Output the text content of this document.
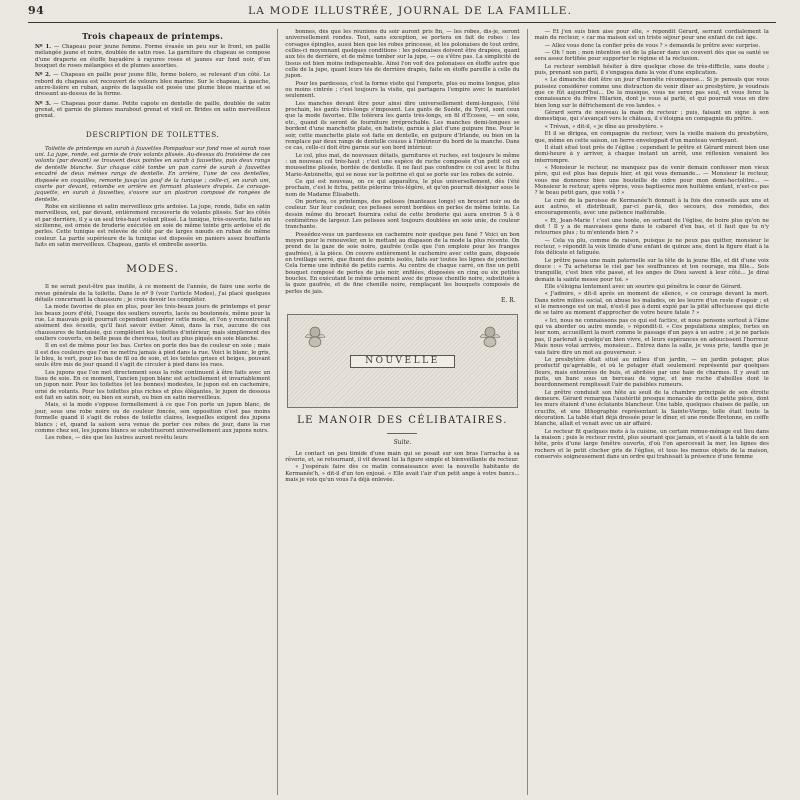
94	LA MODE ILLUSTRÉE, JOURNAL DE LA FAMILLE.
Trois chapeaux de printemps.
Nº 1. — Chapeau pour jeune femme. Forme évasée un peu sur le front, en paille mélangée jaune et noire, doublée de satin rose. La garniture du chapeau se compose d'une draperie en étoffe bayadère à rayures roses et jaunes sur fond noir, d'un bouquet de roses mélangées et de plumes assorties.
Nº 2. — Chapeau en paille pour jeune fille, forme bolero, se relevant d'un côté. Le rebord du chapeau est recouvert de velours bleu marine. Sur le chapeau, à gauche, ancre-lisière en ruban, auprès de laquelle est posée une plume bleue marine et se dressant au-dessus de la forme.
Nº 3. — Chapeau pour dame. Petite capote en dentelle de paille, doublée de satin grenat, et garnie de plumes marabout grenat et vieil or. Brides en satin merveilleux grenat.
DESCRIPTION DE TOILETTES.

Toilette de printemps en surah à fauvettes Pompadour sur fond rose et surah rose uni. La jupe, ronde, est garnie de trois volants plissés. Au-dessus du troisième de ces volants (par devant) se trouvent deux pointes en surah à fauvettes, puis deux rangs de dentelle blanche. Sur chaque côté tombe un pan carré de surah à fauvettes encadré de deux mêmes rangs de dentelle. En arrière, l'une de ces dentelles, disposée en coquilles, remonte jusqu'au gouf de la tunique ; celle-ci, en surah uni, courte par devant, retombe en arrière en formant plusieurs drapés. Le corsage-jaquette, en surah à fauvettes, s'ouvre sur un plastron composé de rangées de dentelle.

Robe en sicilienne et satin merveilleux gris ardoise. La jupe, ronde, faite en satin merveilleux, est, par devant, entièrement recouverte de volants plissés. Sur les côtés et par derrière, il y a un seul très-haut volant plissé. La tunique, très-ouverte, faite en sicilienne, est ornée de broderie exécutée en soie de même teinte gris ardoise et de perles. Cette tunique est relevée de côté par de larges nœuds en ruban de même couleur. La partie supérieure de la tunique est disposée en paniers assez bouffants faits en satin merveilleux. Chapeau, gants et ombrelle assortis.

MODES.

Il ne serait peut-être pas inutile, à ce moment de l'année, de faire une sorte de revue générale de la toilette. Dans le nº 9 (voir l'article Modes), j'ai placé quelques détails concernant la chaussure ; je crois devoir les compléter.

La mode favorise de plus en plus, pour les très-beaux jours de printemps et pour les beaux jours d'été, l'usage des souliers ouverts, lacés ou boutonnés, même pour la rue. Le mauvais goût pourrait cependant exagérer cette mode, et l'on y rencontrerait aisément des écueils, qu'il faut savoir éviter. Ainsi, dans la rue, aucune de ces chaussures de fantaisie, qui complètent les toilettes d'intérieur, mais simplement des souliers couverts, en belle peau de chevreau, tout au plus piqués en soie blanche.

Il en est de même pour les bas. Certes on porte des bas de couleur en soie ; mais il est des couleurs que l'on ne mettra jamais à pied dans la rue. Voici le blanc, le gris, le bleu, le vert, pour les bas de fil ou de soie, et les teintes grises et beiges, pouvant seuls être mis de jour quand il s'agit de circuler à pied dans les rues.

Les jupons que l'on met directement sous la robe continuent à être faits avec un tissu de soie. En ce moment, l'ancien jupon blanc est actuellement et invariablement un jupon noir. Pour les toilettes (et les bonnes) modestes, le jupon est en cachemire, orné de volants. Pour les toilettes plus riches et plus élégantes, le jupon de dessous est fait en satin noir, ou bien en surah, ou bien en satin merveilleux.

Mais, si la mode s'oppose formellement à ce que l'on porte un jupon blanc, de jour, sous une robe noire ou de couleur foncée, son opposition n'est pas moins formelle quand il s'agit de robes de toilette claires, lesquelles exigent des jupons blancs ; et, quand la saison sera venue de porter ces robes de jour, dans la rue comme chez soi, les jupons blancs se substitueront universellement aux jupons noirs.

Les robes, — dès que les lustres auront revêtu leurs

bonnes, dès que les réunions du soir auront pris fin, — les robes, dis-je, seront universellement rondes. Tout, sans exception, se portera en fait de robes : les corsages épingles, aussi bien que les robes princesse, et les polonaises de tout ordre, celles-ci moyennant quelques conditions : les polonaises doivent être drapées, quant aux tés de derrière, et de même tomber sur la jupe, — ou s'être pas. La simplicité de tissus est bien moins indispensable. Ainsi l'on voit des polonaises en étoffe autre que celle de la jupe, quant leurs tés de derrière drapés, faite en étoffe pareille à celle du jupon.

Pour les pardessus, c'est la forme visite qui l'emporte, plus ou moins longue, plus ou moins cintrée ; c'est toujours la visite, qui partagera l'empire avec le mantelet seulement.

Les manches devant être pour ainsi dire universellement demi-longues, l'été prochain, les gants très-longs s'imposent. Les gants de Suède, du Tyrol, sont ceux que la mode favorise. Elle tolérera les gants très-longs, en fil d'Écosse, — en soie, etc., quand ils seront de fourniture irréprochable. Les manches demi-longues se bordent d'une manchette plate, en batiste, garnie à plat d'une guipure fine. Pour le soir, cette manchette plate est faite en dentelle, en guipure d'Irlande, ou bien on la remplace par deux rangs de dentelle cousus à l'intérieur du bord de la manche. Dans ce cas, celle-ci doit être garnie sur son bord intérieur.

Le col, plus mat, de nouveaux détails, garnitures et ruches, est toujours le même : un nouveau col très-haut ; c'est une espèce de ruche composée d'un petit col en mousseline plissée, bordée de dentelle. Il ne faut pas confondre ce col avec le fichu Marie-Antoinette, qui se noue sur la poitrine et qui se porte sur les robes de soirée.

Ce qui est nouveau, on ce qui apparaîtra, le plus universellement, dès l'été prochain, c'est le fichu, petite pèlerine très-légère, et qu'on pourrait désigner sous le nom de Madame Élisabeth.

On portera, ce printemps, des pelisses (manteaux longs) en brocart noir ou de couleur. Sur leur couleur, ces pelisses seront bordées en perles de même teinte. Le dessin même du brocart fournira celui de cette broderie qui aura environ 5 à 6 centimètres de largeur. Les pelisses sont toujours doublées en soie unie, de couleur tranchante.

Possédez-vous un pardessus en cachemire noir quelque peu fané ? Voici un bon moyen pour le renouveler, en le mettant au diapason de la mode la plus récente. On prend de la gaze de soie noire, gaufrée (celle que l'on emploie pour les franges gaufrées), à la pièce. On couvre entièrement le cachemire avec cette gaze, disposée en treillage serré, que fixent des points isolés, faits sur toutes les lignes de jonction. Cela forme une infinité de petits carrés. Au centre de chaque carré, on fixe un petit bouquet composé de perles de jais noir, enfilées, disposées en cinq ou six petites boucles. En exécutant le même ornement avec de grosse chenille noire, substituée à la gaze gaufrée, et de fine chenille noire, remplaçant les bouquets composés de perles de jais.

E. R.
NOUVELLE
LE MANOIR DES CÉLIBATAIRES.
Suite.

Le contact un peu timide d'une main qui se posait sur son bras l'arracha à sa rêverie, et, se retournant, il vit devant lui la figure simple et bienveillante du recteur.

« J'espérais faire dès ce matin connaissance avec la nouvelle habitante de Kermanée'h, » dit-il d'un ton enjoué. « Elle avait l'air d'un petit ange à votre bancs... mais je vois qu'un vous l'a déjà enlevée.

— Et j'en suis bien aise pour elle, » répondit Gérard, serrant cordialement la main du recteur, « car ma maison est un triste séjour pour une enfant de cet âge.

— Allez vous donc la confier près de vous ? » demanda le prêtre avec surprise.

— Oh ! non ; mon intention est de la placer dans un couvent dès que sa santé se sera assez fortifiée pour supporter le régime et la réclusion.

Le recteur semblait hésiter à dire quelque chose de très-difficile, sans doute ; puis, prenant son parti, il s'engagea dans la voie d'une explication.

« Le dimanche doit être un jour d'honnête récompense... Si je pensais que vous puissiez considérer comme une distraction de venir dîner au presbytère, je voudrais que ce fût aujourd'hui... De la musique, vous ne serez pas seul, et vous ferez la connaissance du frère Hilarion, dont je vous ai parlé, et qui pourrait vous en dire bien long sur le défrichement de vos landes. »

Gérard serra de nouveau la main du recteur ; puis, faisant un signe à son domestique, qui s'avançait vers le château, il s'éloigna en compagnie du prêtre.

« Trévan, » dit-il, « je dîne au presbytère. »

Et il se dirigea, en compagnie du recteur, vers la vieille maison du presbytère, que, même en cette saison, un lierre enveloppait d'un manteau verdoyant.

Il était situé tout près de l'église ; cependant le prêtre et Gérard mirent bien une demi-heure à y arriver, à chaque instant un arrêt, une réflexion venaient les interrompre.

« Monsieur le recteur, ne manquez pas de venir demain confesser mon vieux père, qui est plus bas depuis hier, et qui vous demande... — Monsieur le recteur, vous me donnerez bien une bouteille de cidre pour mon demi-hectolitre... — Monsieur le recteur, après vêpres, vous baptiserez mon huitième enfant, n'est-ce pas ? le beau petit gars, que voilà ! »

Le curé de la paroisse de Kermanée'h donnait à la fois des conseils aux uns et aux autres, et distribuait, par-ci par-là, des secours, des remèdes, des encouragements, avec une patience inaltérable.

« Et, Jean-Marie ! c'est une honte, en sortant de l'église, de boire plus qu'on ne doit ! Il y a de mauvaises gens dans le cabaret d'en bas, et il faut que tu n'y retournes plus ; tu m'entends bien ? »

— Cela va plu, comme de raison, puisque je ne peux pas quitter, monsieur le recteur, » répondit la voix timide d'une enfant de quinze ans, dont la figure était à la fois délicate et fatiguée.

Le prêtre passa une main paternelle sur la tête de la jeune fille, et dit d'une voix douce : « Tu achèteras le ciel par tes souffrances et ton courage, ma fille... Sois tranquille, c'est bien vite passé, et les anges de Dieu savent à leur côté... Je dirai demain la sainte messe pour toi. »

Elle s'éloigna lentement avec un sourire qui pénétra le cœur de Gérard.

« J'admire, » dit-il après un moment de silence, « ce courage devant la mort. Dans notre milieu social, on abuse les malades, on les leurre d'un reste d'espoir ; et si le mensonge est un mal, n'est-il pas à demi expié par la pitié affectueuse qui dicte de se taire au moment d'approcher de votre heure fatale ? »

« Ici, nous ne connaissons pas ce qui est factice, et nous pensons surtout à l'âme qui va aborder ou autre monde, » répondit-il. « Ces populations simples, fortes en leur nom, accueillent la mort comme le passage d'un pays à un autre ; si je ne parlais pas, il parlerait à quelqu'un bien vivre, et leurs espérances en adoucissent l'horreur. Mais nous votai arrivés, monsieur... Entrez dans la salle, je vous prie, tandis que je vais faire dire un mot au gouverneur. »

Le presbytère était situé au milieu d'un jardin, — un jardin potager, plus productif qu'agréable, et où le potager était seulement représenté par quelques fleurs, mais entourées de buis, et abritées par une haie de charmes. Il y avait un puits, un banc sous un berceau de vigne, et une ruche d'abeilles dont le bourdonnement remplissait l'air de paisibles rumeurs.

Le prêtre conduisit son hôte au seuil de la chambre principale de son étroite demeure. Gérard remarqua l'austérité presque monacale de cette petite pièce, dont les murs étaient d'une éclatante blancheur. Une table, quelques chaises de paille, un crucifix, et une lithographie représentant la Sainte-Vierge, telle était toute la décoration. La table était déjà dressée pour le dîner, et une ronde Bretonne, en coiffe blanche, allait et venait avec un air affairé.

Le recteur fit quelques mots à la cuisine, un certain remue-ménage eut lieu dans la maison ; puis le recteur revint, plus souriant que jamais, et s'assit à la table de son hôte, près d'une large fenêtre ouverte, d'où l'on apercevait la mer, les lignes des rochers et le petit clocher gris de l'église, et tous les menus objets de la maison, conservés soigneusement dans un ordre qui trahissait la présence d'une femme
